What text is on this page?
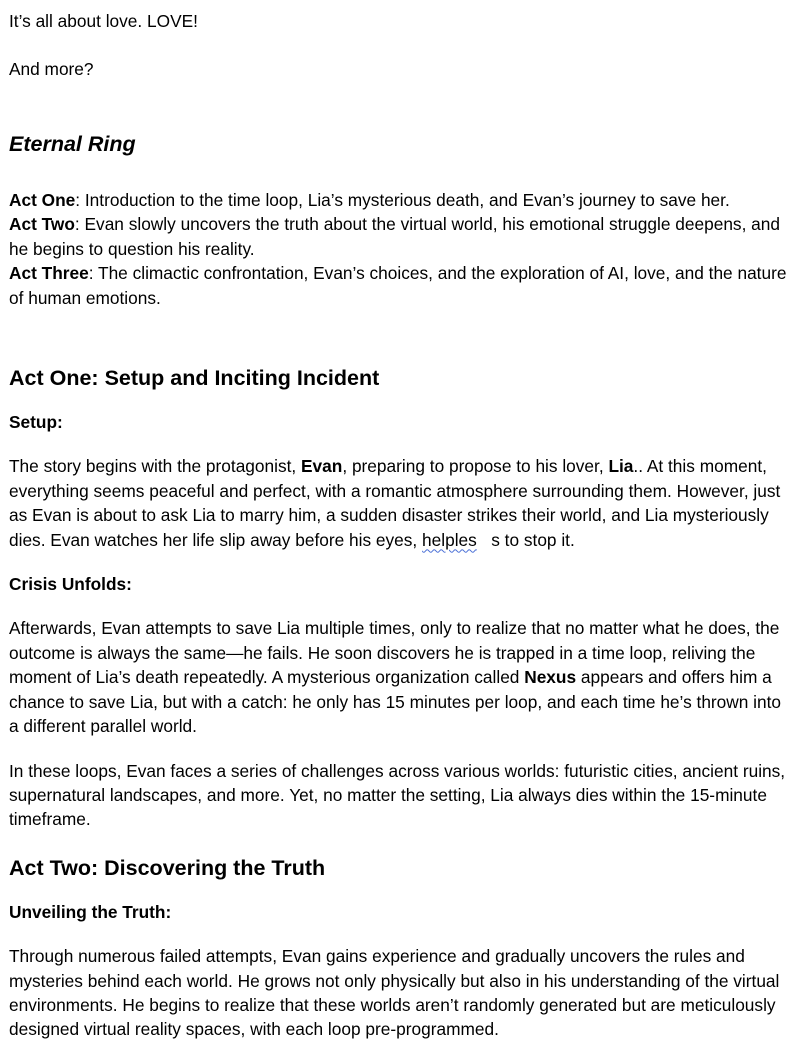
It’s all about love. LOVE!

And more?

Eternal Ring

Act One: Introduction to the time loop, Lia’s mysterious death, and Evan’s journey to save her.

Act Two: Evan slowly uncovers the truth about the virtual world, his emotional struggle deepens, and he begins to question his reality.

Act Three: The climactic confrontation, Evan’s choices, and the exploration of AI, love, and the nature of human emotions.

Act One: Setup and Inciting Incident

Setup:

The story begins with the protagonist, Evan, preparing to propose to his lover, Lia.. At this moment, everything seems peaceful and perfect, with a romantic atmosphere surrounding them. However, just as Evan is about to ask Lia to marry him, a sudden disaster strikes their world, and Lia mysteriously dies. Evan watches her life slip away before his eyes, helples   s to stop it.

Crisis Unfolds:

Afterwards, Evan attempts to save Lia multiple times, only to realize that no matter what he does, the outcome is always the same—he fails. He soon discovers he is trapped in a time loop, reliving the moment of Lia’s death repeatedly. A mysterious organization called Nexus appears and offers him a chance to save Lia, but with a catch: he only has 15 minutes per loop, and each time he’s thrown into a different parallel world.

In these loops, Evan faces a series of challenges across various worlds: futuristic cities, ancient ruins, supernatural landscapes, and more. Yet, no matter the setting, Lia always dies within the 15-minute timeframe.

Act Two: Discovering the Truth

Unveiling the Truth:

Through numerous failed attempts, Evan gains experience and gradually uncovers the rules and mysteries behind each world. He grows not only physically but also in his understanding of the virtual environments. He begins to realize that these worlds aren’t randomly generated but are meticulously designed virtual reality spaces, with each loop pre-programmed.
